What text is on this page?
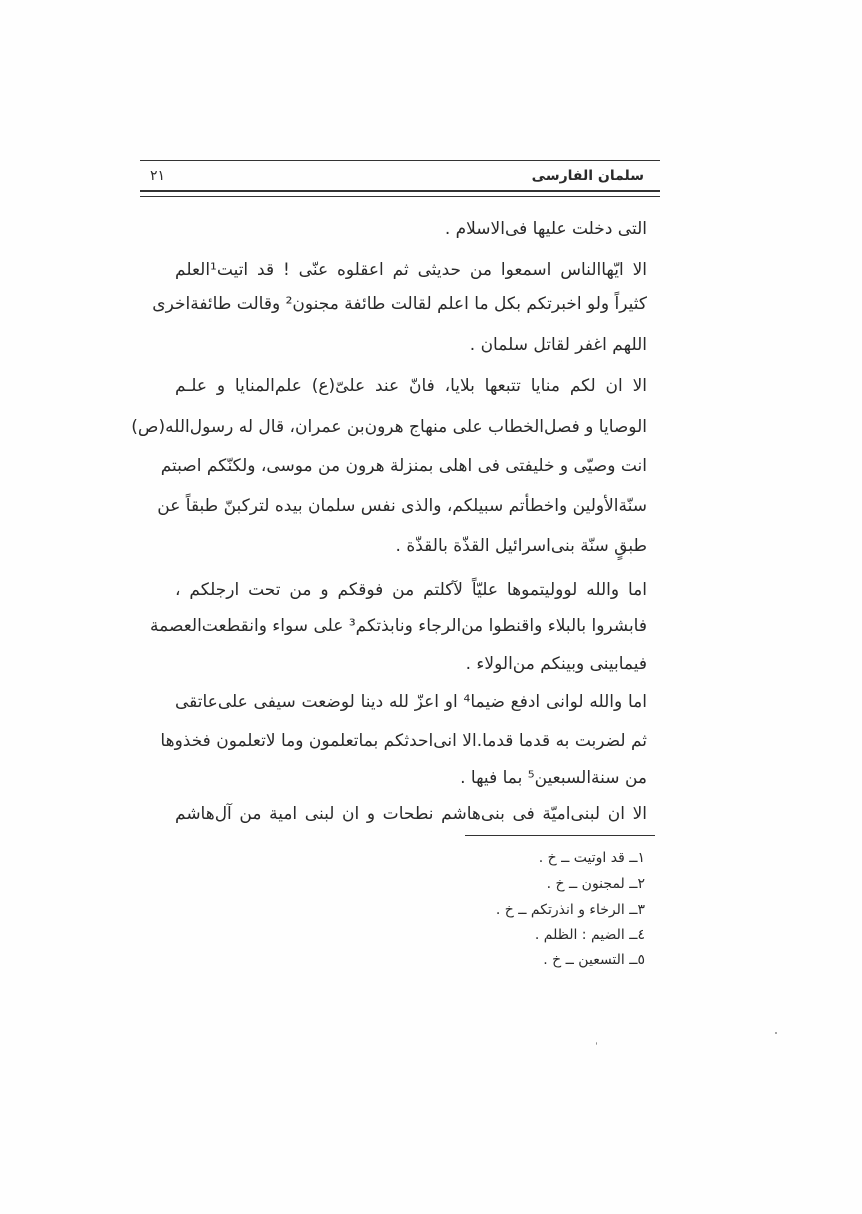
سلمان الفارسی
۲۱
التى دخلت عليها فى‌الاسلام .
الا ايّهاالناس اسمعوا من حديثى ثم اعقلوه عنّى ! قد اتيت¹العلم
كثيراً ولو اخبرتكم بكل ما اعلم لقالت طائفة مجنون² وقالت طائفةاخرى
اللهم اغفر لقاتل سلمان .
الا ان لكم منايا تتبعها بلايا، فانّ عند علىّ(ع) علم‌المنايا و علـم
الوصايا و فصل‌الخطاب على منهاج هرون‌بن عمران، قال له رسول‌الله(ص)
انت وصيّى و خليفتى فى اهلى بمنزلة هرون من موسى، ولكنّكم اصبتم
سنّةالأولين واخطأتم سبيلكم، والذى نفس سلمان بيده لتركبنّ طبقاً عن
طبقٍ سنّة بنى‌اسرائيل القذّة بالقذّة .
اما والله لووليتموها عليّاً لآكلتم من فوقكم و من تحت ارجلكم ،
فابشروا بالبلاء واقنطوا من‌الرجاء ونابذتكم³ على سواء وانقطعت‌العصمة
فيمابينى وبينكم من‌الولاء .
اما والله لوانى ادفع ضيما⁴ او اعزّ لله دينا لوضعت سيفى على‌عاتقى
ثم لضربت به قدما قدما.الا انى‌احدثكم بماتعلمون وما لاتعلمون فخذوها
من سنةالسبعين⁵ بما فيها .
الا ان لبنى‌اميّة فى بنى‌هاشم نطحات و ان لبنى امية من آل‌هاشم
۱ــ قد اوتيت ــ خ .
۲ــ لمجنون ــ خ .
۳ــ الرخاء و انذرتكم ــ خ .
٤ــ الضيم : الظلم .
٥ــ التسعين ــ خ .
